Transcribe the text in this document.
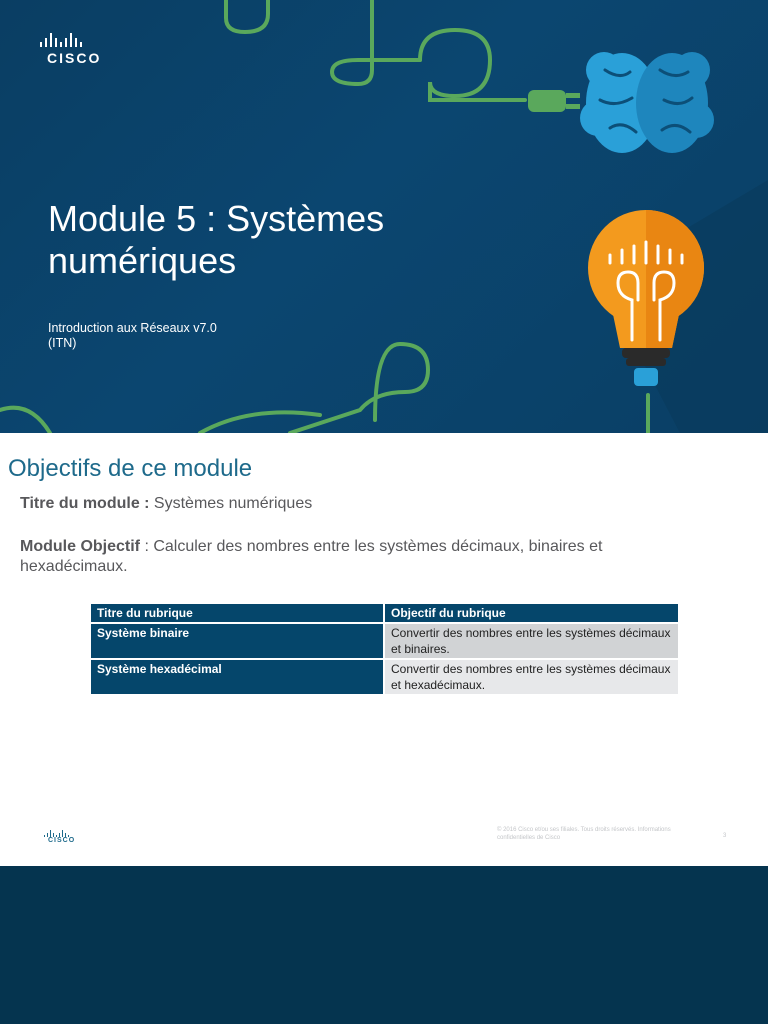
CISCO
Module 5 : Systèmes numériques
Introduction aux Réseaux v7.0
(ITN)
Objectifs de ce module
Titre du module : Systèmes numériques
Module Objectif : Calculer des nombres entre les systèmes décimaux, binaires et hexadécimaux.
Titre du rubrique	Objectif du rubrique
Système binaire	Convertir des nombres entre les systèmes décimaux et binaires.
Système hexadécimal	Convertir des nombres entre les systèmes décimaux et hexadécimaux.
CISCO
© 2016 Cisco et/ou ses filiales. Tous droits réservés. Informations confidentielles de Cisco	3
